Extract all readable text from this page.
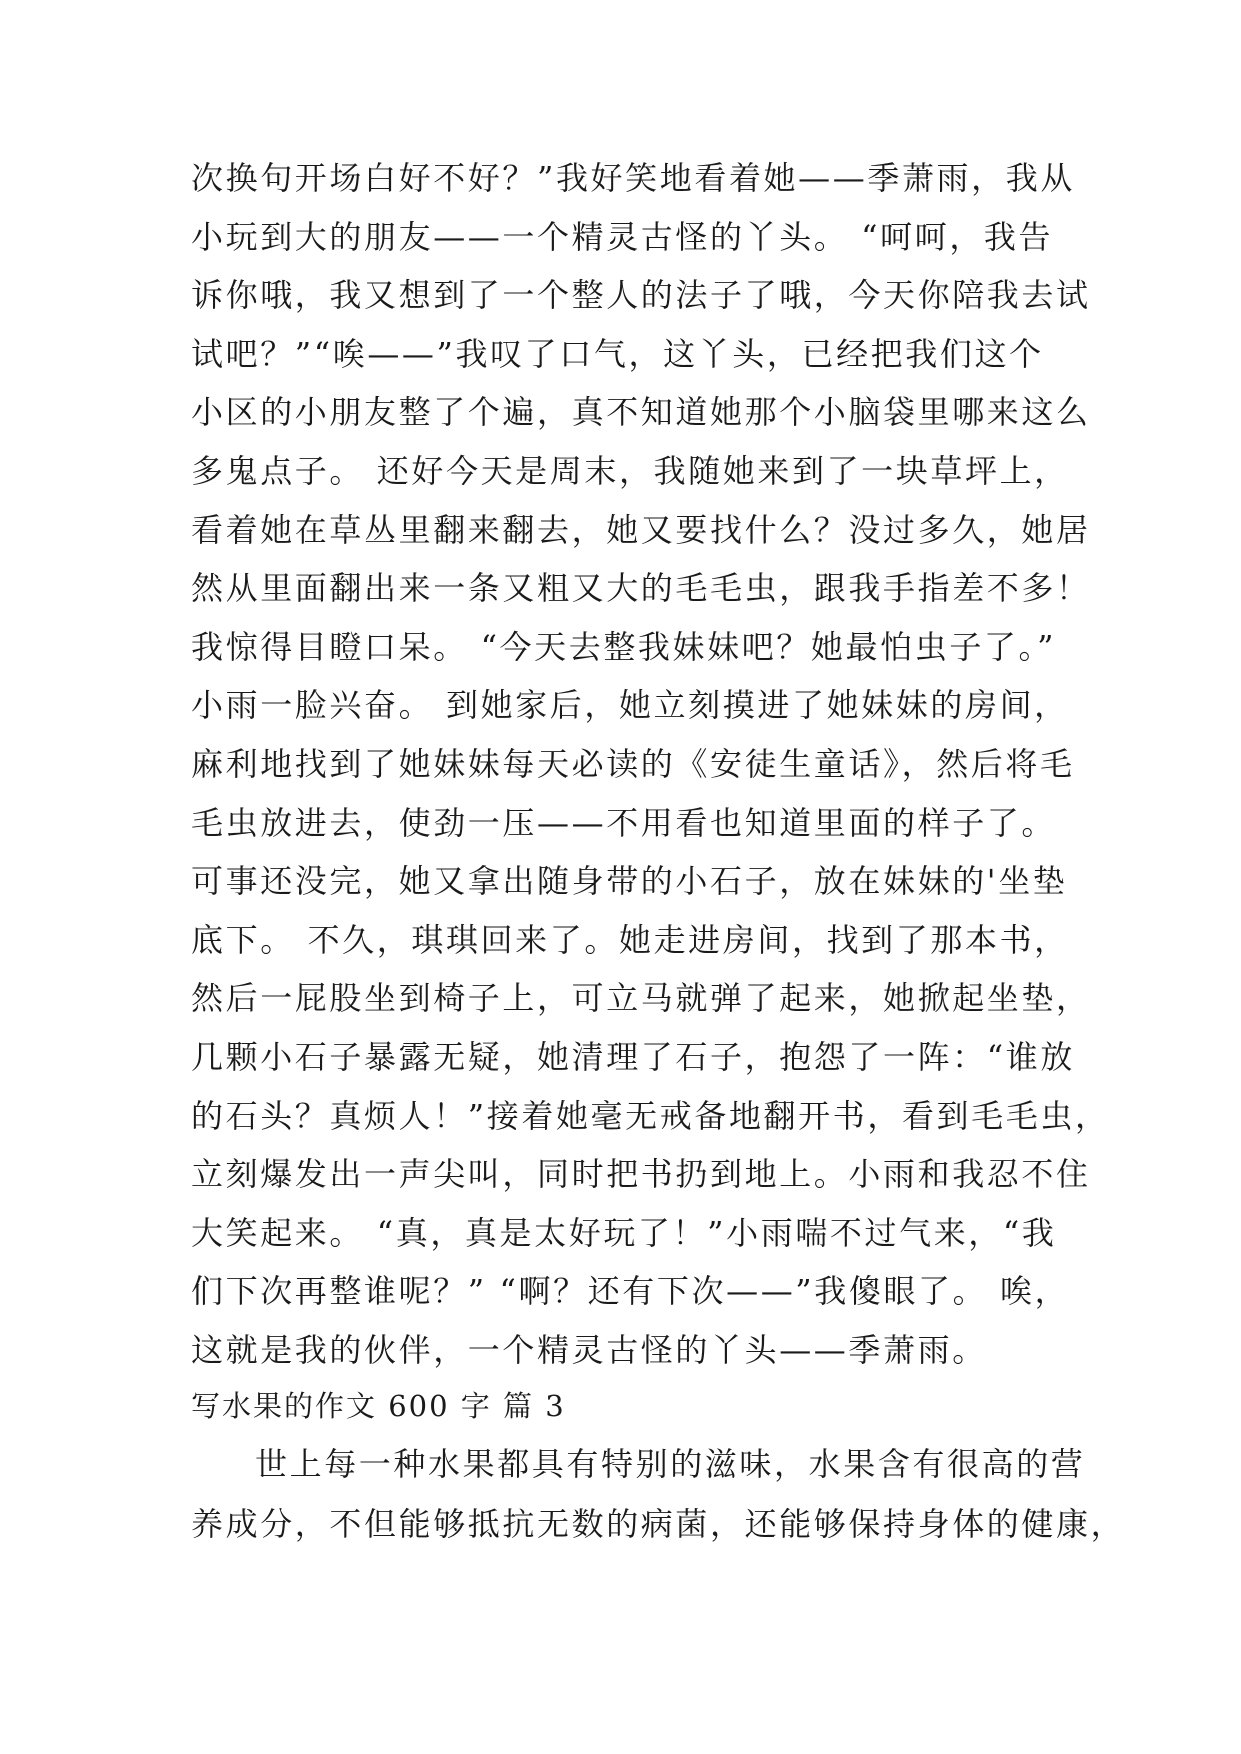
次换句开场白好不好？”我好笑地看着她——季萧雨，我从
小玩到大的朋友——一个精灵古怪的丫头。 “呵呵，我告
诉你哦，我又想到了一个整人的法子了哦，今天你陪我去试
试吧？”“唉——”我叹了口气，这丫头，已经把我们这个
小区的小朋友整了个遍，真不知道她那个小脑袋里哪来这么
多鬼点子。 还好今天是周末，我随她来到了一块草坪上，
看着她在草丛里翻来翻去，她又要找什么？没过多久，她居
然从里面翻出来一条又粗又大的毛毛虫，跟我手指差不多！
我惊得目瞪口呆。 “今天去整我妹妹吧？她最怕虫子了。”
小雨一脸兴奋。 到她家后，她立刻摸进了她妹妹的房间，
麻利地找到了她妹妹每天必读的《安徒生童话》，然后将毛
毛虫放进去，使劲一压——不用看也知道里面的样子了。
可事还没完，她又拿出随身带的小石子，放在妹妹的'坐垫
底下。 不久，琪琪回来了。她走进房间，找到了那本书，
然后一屁股坐到椅子上，可立马就弹了起来，她掀起坐垫，
几颗小石子暴露无疑，她清理了石子，抱怨了一阵：“谁放
的石头？真烦人！”接着她毫无戒备地翻开书，看到毛毛虫，
立刻爆发出一声尖叫，同时把书扔到地上。小雨和我忍不住
大笑起来。 “真，真是太好玩了！”小雨喘不过气来，“我
们下次再整谁呢？” “啊？还有下次——”我傻眼了。 唉，
这就是我的伙伴，一个精灵古怪的丫头——季萧雨。
写水果的作文 600 字 篇 3
世上每一种水果都具有特别的滋味，水果含有很高的营
养成分，不但能够抵抗无数的病菌，还能够保持身体的健康，
